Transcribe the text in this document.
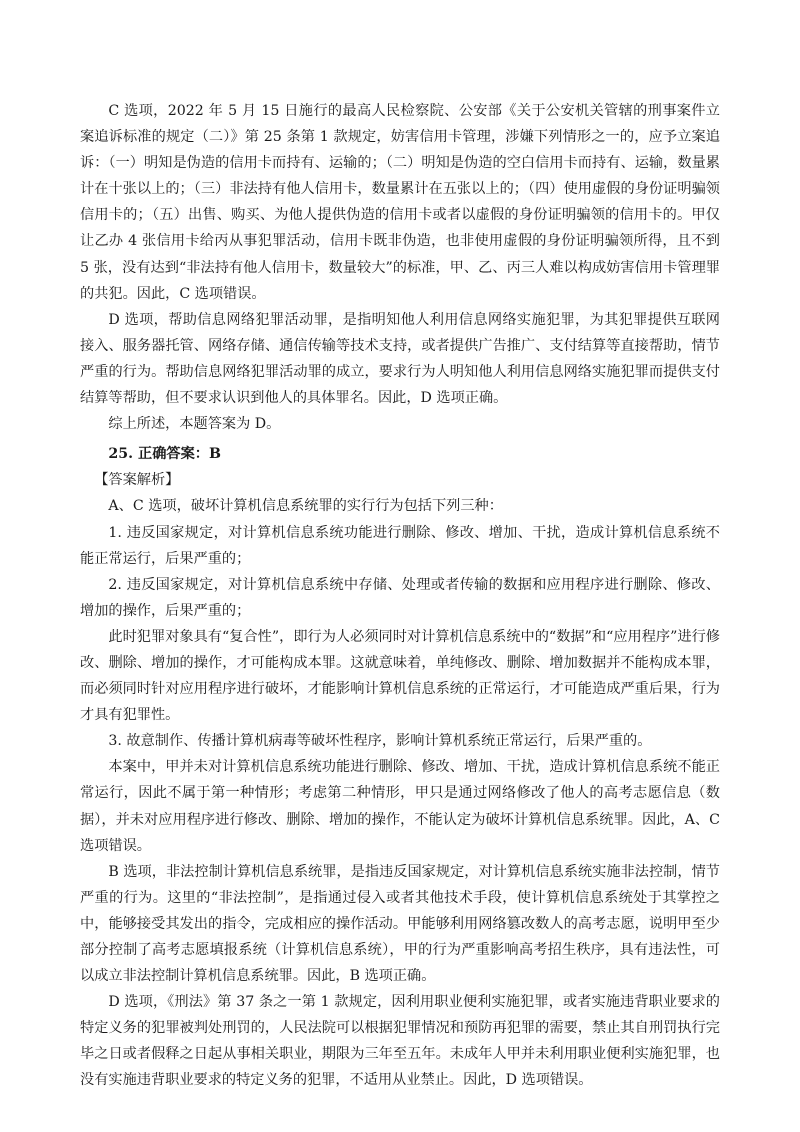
C 选项，2022 年 5 月 15 日施行的最高人民检察院、公安部《关于公安机关管辖的刑事案件立案追诉标准的规定（二）》第 25 条第 1 款规定，妨害信用卡管理，涉嫌下列情形之一的，应予立案追诉：（一）明知是伪造的信用卡而持有、运输的；（二）明知是伪造的空白信用卡而持有、运输，数量累计在十张以上的；（三）非法持有他人信用卡，数量累计在五张以上的；（四）使用虚假的身份证明骗领信用卡的；（五）出售、购买、为他人提供伪造的信用卡或者以虚假的身份证明骗领的信用卡的。甲仅让乙办 4 张信用卡给丙从事犯罪活动，信用卡既非伪造，也非使用虚假的身份证明骗领所得，且不到 5 张，没有达到“非法持有他人信用卡，数量较大”的标准，甲、乙、丙三人难以构成妨害信用卡管理罪的共犯。因此，C 选项错误。

D 选项，帮助信息网络犯罪活动罪，是指明知他人利用信息网络实施犯罪，为其犯罪提供互联网接入、服务器托管、网络存储、通信传输等技术支持，或者提供广告推广、支付结算等直接帮助，情节严重的行为。帮助信息网络犯罪活动罪的成立，要求行为人明知他人利用信息网络实施犯罪而提供支付结算等帮助，但不要求认识到他人的具体罪名。因此，D 选项正确。

综上所述，本题答案为 D。

25. 正确答案：B

【答案解析】

A、C 选项，破坏计算机信息系统罪的实行行为包括下列三种：

1. 违反国家规定，对计算机信息系统功能进行删除、修改、增加、干扰，造成计算机信息系统不能正常运行，后果严重的；

2. 违反国家规定，对计算机信息系统中存储、处理或者传输的数据和应用程序进行删除、修改、增加的操作，后果严重的；

此时犯罪对象具有“复合性”，即行为人必须同时对计算机信息系统中的“数据”和“应用程序”进行修改、删除、增加的操作，才可能构成本罪。这就意味着，单纯修改、删除、增加数据并不能构成本罪，而必须同时针对应用程序进行破坏，才能影响计算机信息系统的正常运行，才可能造成严重后果，行为才具有犯罪性。

3. 故意制作、传播计算机病毒等破坏性程序，影响计算机系统正常运行，后果严重的。

本案中，甲并未对计算机信息系统功能进行删除、修改、增加、干扰，造成计算机信息系统不能正常运行，因此不属于第一种情形；考虑第二种情形，甲只是通过网络修改了他人的高考志愿信息（数据），并未对应用程序进行修改、删除、增加的操作，不能认定为破坏计算机信息系统罪。因此，A、C 选项错误。

B 选项，非法控制计算机信息系统罪，是指违反国家规定，对计算机信息系统实施非法控制，情节严重的行为。这里的“非法控制”，是指通过侵入或者其他技术手段，使计算机信息系统处于其掌控之中，能够接受其发出的指令，完成相应的操作活动。甲能够利用网络篡改数人的高考志愿，说明甲至少部分控制了高考志愿填报系统（计算机信息系统），甲的行为严重影响高考招生秩序，具有违法性，可以成立非法控制计算机信息系统罪。因此，B 选项正确。

D 选项，《刑法》第 37 条之一第 1 款规定，因利用职业便利实施犯罪，或者实施违背职业要求的特定义务的犯罪被判处刑罚的，人民法院可以根据犯罪情况和预防再犯罪的需要，禁止其自刑罚执行完毕之日或者假释之日起从事相关职业，期限为三年至五年。未成年人甲并未利用职业便利实施犯罪，也没有实施违背职业要求的特定义务的犯罪，不适用从业禁止。因此，D 选项错误。
